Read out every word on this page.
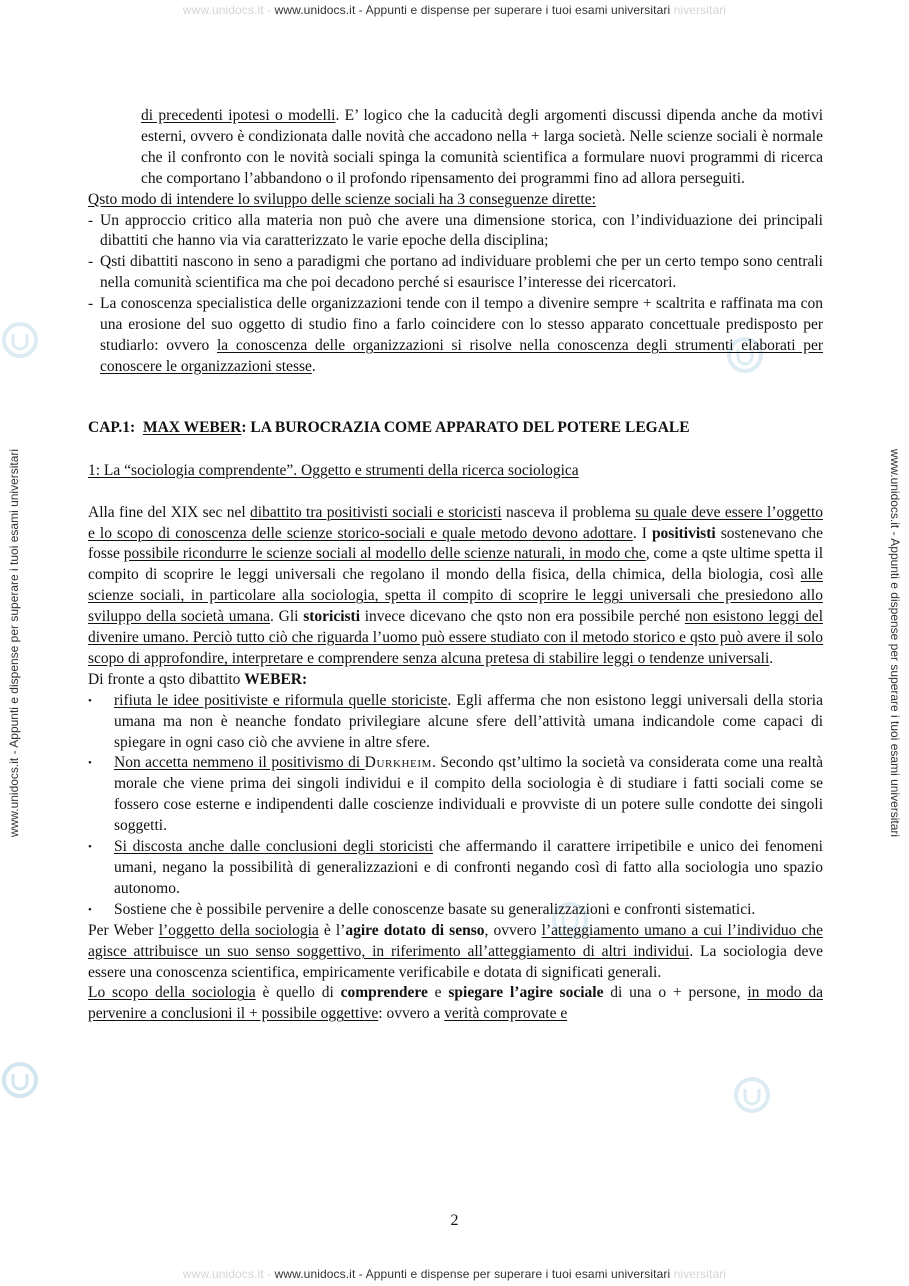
www.unidocs.it - www.unidocs.it - Appunti e dispense per superare i tuoi esami universitari niversitari
www.unidocs.it - Appunti e dispense per superare i tuoi esami universitari	www.unidocs.it - Appunti e dispense per superare i tuoi esami universitari

di precedenti ipotesi o modelli. E’ logico che la caducità degli argomenti discussi dipenda anche da motivi esterni, ovvero è condizionata dalle novità che accadono nella + larga società. Nelle scienze sociali è normale che il confronto con le novità sociali spinga la comunità scientifica a formulare nuovi programmi di ricerca che comportano l’abbandono o il profondo ripensamento dei programmi fino ad allora perseguiti.

Qsto modo di intendere lo sviluppo delle scienze sociali ha 3 conseguenze dirette:

- Un approccio critico alla materia non può che avere una dimensione storica, con l’individuazione dei principali dibattiti che hanno via via caratterizzato le varie epoche della disciplina;
- Qsti dibattiti nascono in seno a paradigmi che portano ad individuare problemi che per un certo tempo sono centrali nella comunità scientifica ma che poi decadono perché si esaurisce l’interesse dei ricercatori.
- La conoscenza specialistica delle organizzazioni tende con il tempo a divenire sempre + scaltrita e raffinata ma con una erosione del suo oggetto di studio fino a farlo coincidere con lo stesso apparato concettuale predisposto per studiarlo: ovvero la conoscenza delle organizzazioni si risolve nella conoscenza degli strumenti elaborati per conoscere le organizzazioni stesse.

CAP.1:  MAX WEBER: LA BUROCRAZIA COME APPARATO DEL POTERE LEGALE

1: La “sociologia comprendente”. Oggetto e strumenti della ricerca sociologica

Alla fine del XIX sec nel dibattito tra positivisti sociali e storicisti nasceva il problema su quale deve essere l’oggetto e lo scopo di conoscenza delle scienze storico-sociali e quale metodo devono adottare. I positivisti sostenevano che fosse possibile ricondurre le scienze sociali al modello delle scienze naturali, in modo che, come a qste ultime spetta il compito di scoprire le leggi universali che regolano il mondo della fisica, della chimica, della biologia, così alle scienze sociali, in particolare alla sociologia, spetta il compito di scoprire le leggi universali che presiedono allo sviluppo della società umana. Gli storicisti invece dicevano che qsto non era possibile perché non esistono leggi del divenire umano. Perciò tutto ciò che riguarda l’uomo può essere studiato con il metodo storico e qsto può avere il solo scopo di approfondire, interpretare e comprendere senza alcuna pretesa di stabilire leggi o tendenze universali.

Di fronte a qsto dibattito WEBER:

• rifiuta le idee positiviste e riformula quelle storiciste. Egli afferma che non esistono leggi universali della storia umana ma non è neanche fondato privilegiare alcune sfere dell’attività umana indicandole come capaci di spiegare in ogni caso ciò che avviene in altre sfere.
• Non accetta nemmeno il positivismo di Durkheim. Secondo qst’ultimo la società va considerata come una realtà morale che viene prima dei singoli individui e il compito della sociologia è di studiare i fatti sociali come se fossero cose esterne e indipendenti dalle coscienze individuali e provviste di un potere sulle condotte dei singoli soggetti.
• Si discosta anche dalle conclusioni degli storicisti che affermando il carattere irripetibile e unico dei fenomeni umani, negano la possibilità di generalizzazioni e di confronti negando così di fatto alla sociologia uno spazio autonomo.
• Sostiene che è possibile pervenire a delle conoscenze basate su generalizzazioni e confronti sistematici.

Per Weber l’oggetto della sociologia è l’agire dotato di senso, ovvero l’atteggiamento umano a cui l’individuo che agisce attribuisce un suo senso soggettivo, in riferimento all’atteggiamento di altri individui. La sociologia deve essere una conoscenza scientifica, empiricamente verificabile e dotata di significati generali.

Lo scopo della sociologia è quello di comprendere e spiegare l’agire sociale di una o + persone, in modo da pervenire a conclusioni il + possibile oggettive: ovvero a verità comprovate e

2
www.unidocs.it - www.unidocs.it - Appunti e dispense per superare i tuoi esami universitari niversitari
